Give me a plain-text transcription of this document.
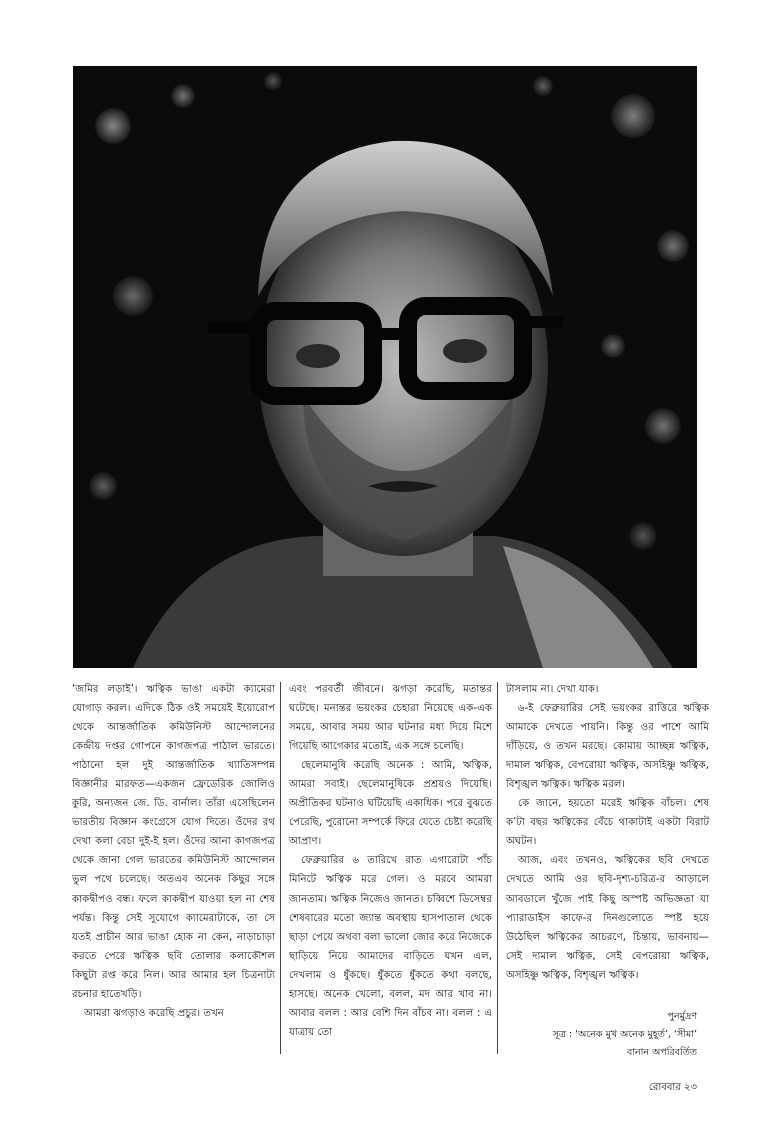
‘জমির লড়াই’। ঋত্বিক ভাঙা একটা ক্যামেরা যোগাড় করল। এদিকে ঠিক ওই সময়েই ইয়োরোপ থেকে আন্তর্জাতিক কমিউনিস্ট আন্দোলনের কেন্দ্রীয় দপ্তর গোপনে কাগজপত্র পাঠাল ভারতে। পাঠানো হল দুই আন্তর্জাতিক খ্যাতিসম্পন্ন বিজ্ঞানীর মারফত—একজন ফ্রেডেরিক জোলিও কুরি, অন্যজন জে. ডি. বার্নাল। তাঁরা এসেছিলেন ভারতীয় বিজ্ঞান কংগ্রেসে যোগ দিতে। ওঁদের রথ দেখা কলা বেচা দুই-ই হল। ওঁদের আনা কাগজপত্র থেকে জানা গেল ভারতের কমিউনিস্ট আন্দোলন ভুল পথে চলেছে। অতএব অনেক কিছুর সঙ্গে কাকদ্বীপও বন্ধ। ফলে কাকদ্বীপ যাওয়া হল না শেষ পর্যন্ত। কিন্তু সেই সুযোগে ক্যামেরাটাকে, তা সে যতই প্রাচীন আর ভাঙা হোক না কেন, নাড়াচাড়া করতে পেরে ঋত্বিক ছবি তোলার কলাকৌশল কিছুটা রপ্ত করে নিল। আর আমার হল চিত্রনাট্য রচনার হাতেখড়ি।

আমরা ঝগড়াও করেছি প্রচুর। তখন

এবং পরবর্তী জীবনে। ঝগড়া করেছি, মতান্তর ঘটেছে। মনান্তর ভয়ংকর চেহারা নিয়েছে এক-এক সময়ে, আবার সময় আর ঘটনার মধ্য দিয়ে মিশে গিয়েছি আগেকার মতোই, এক সঙ্গে চলেছি।

ছেলেমানুষি করেছি অনেক : আমি, ঋত্বিক, আমরা সবাই। ছেলেমানুষিকে প্রশ্রয়ও দিয়েছি। অপ্রীতিকর ঘটনাও ঘটিয়েছি একাধিক। পরে বুঝতে পেরেছি, পুরোনো সম্পর্কে ফিরে যেতে চেষ্টা করেছি আপ্রাণ।

ফেব্রুয়ারির ৬ তারিখে রাত এগারোটা পাঁচ মিনিটে ঋত্বিক মরে গেল। ও মরবে আমরা জানতাম। ঋত্বিক নিজেও জানত। চব্বিশে ডিসেম্বর শেষবারের মতো জ্যান্ত অবস্থায় হাসপাতাল থেকে ছাড়া পেয়ে অথবা বলা ভালো জোর করে নিজেকে ছাড়িয়ে নিয়ে আমাদের বাড়িতে যখন এল, দেখলাম ও ধুঁকছে। ধুঁকতে ধুঁকতে কথা বলছে, হাসছে। অনেক খেলো, বলল, মদ আর খাব না। আবার বলল : আর বেশি দিন বাঁচব না। বলল : এ যাত্রায় তো

টাসলাম না। দেখা যাক।

৬-ই ফেব্রুয়ারির সেই ভয়ংকর রাত্তিরে ঋত্বিক আমাকে দেখতে পায়নি। কিন্তু ওর পাশে আমি দাঁড়িয়ে, ও তখন মরছে। কোমায় আচ্ছন্ন ঋত্বিক, দামাল ঋত্বিক, বেপরোয়া ঋত্বিক, অসহিষ্ণু ঋত্বিক, বিশৃঙ্খল ঋত্বিক। ঋত্বিক মরল।

কে জানে, হয়তো মরেই ঋত্বিক বাঁচল। শেষ ক’টা বছর ঋত্বিকের বেঁচে থাকাটাই একটা বিরাট অঘটন।

আজ, এবং তখনও, ঋত্বিকের ছবি দেখতে দেখতে আমি ওর ছবি-দৃশ্য-চরিত্র-র আড়ালে আবডালে খুঁজে পাই কিছু অস্পষ্ট অভিজ্ঞতা যা প্যারাডাইস কাফে-র দিনগুলোতে স্পষ্ট হয়ে উঠেছিল ঋত্বিকের আচরণে, চিন্তায়, ভাবনায়—সেই দামাল ঋত্বিক, সেই বেপরোয়া ঋত্বিক, অসহিষ্ণু ঋত্বিক, বিশৃঙ্খল ঋত্বিক।

পুনর্মুদ্রণ
সূত্র : ‘অনেক মুখ অনেক মুহূর্ত’, ‘সীমা’
বানান অপরিবর্তিত
রোববার ২৩
